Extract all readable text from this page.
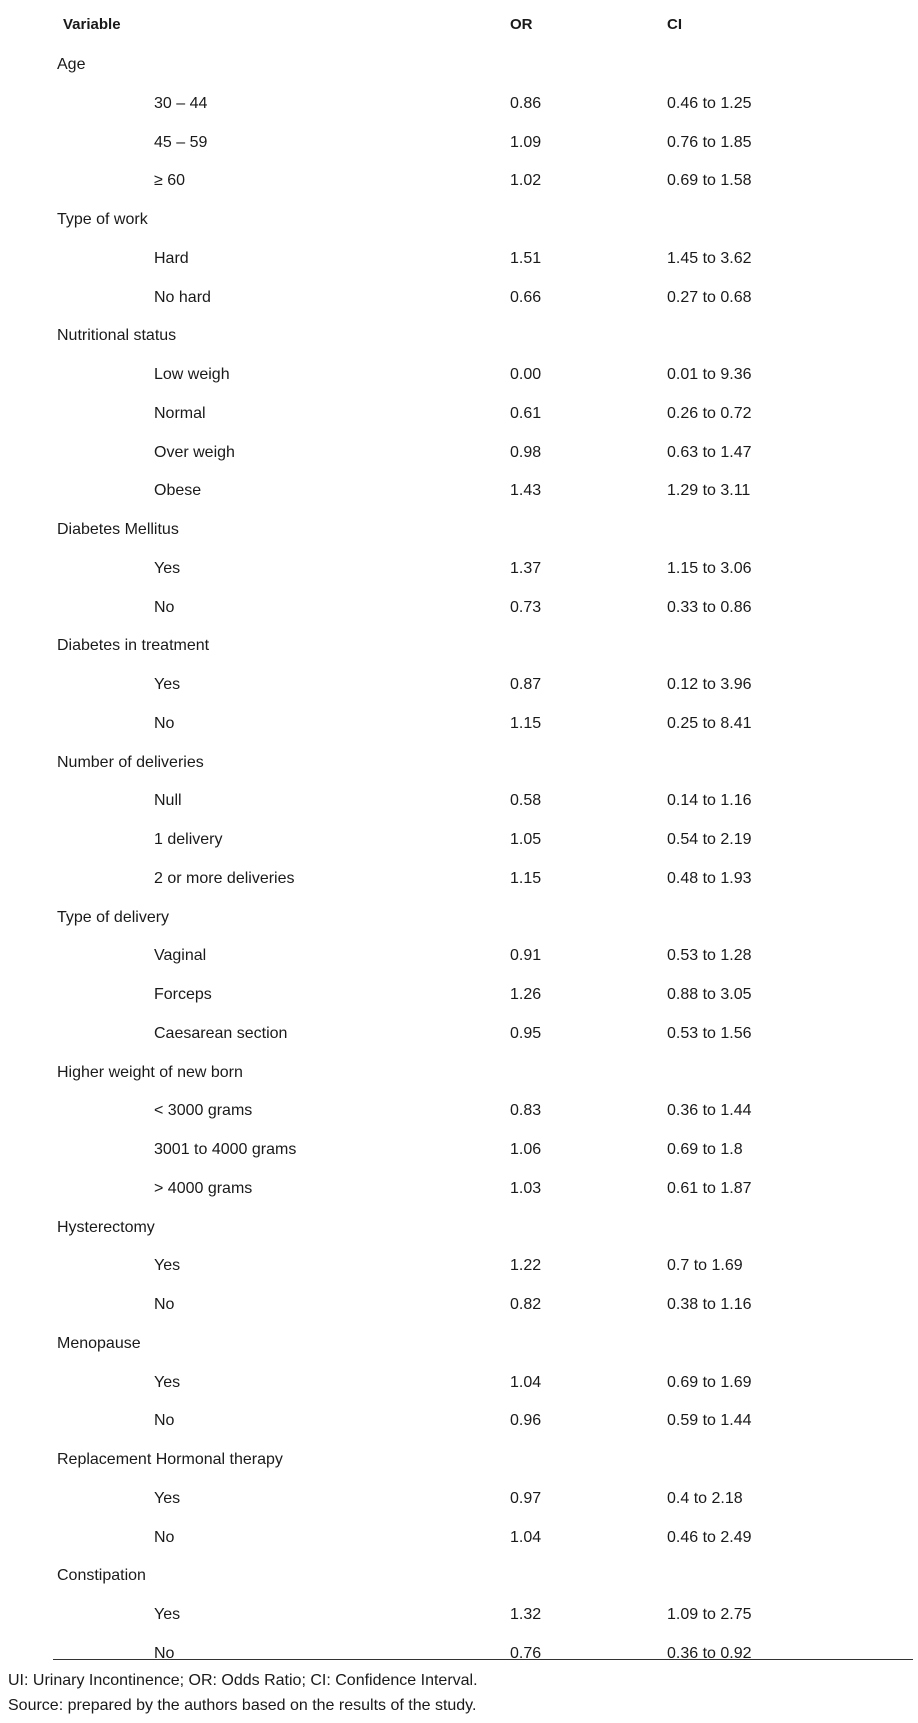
Variable	OR	CI
Age
30 – 44	0.86	0.46 to 1.25
45 – 59	1.09	0.76 to 1.85
≥ 60	1.02	0.69 to 1.58
Type of work
Hard	1.51	1.45 to 3.62
No hard	0.66	0.27 to 0.68
Nutritional status
Low weigh	0.00	0.01 to 9.36
Normal	0.61	0.26 to 0.72
Over weigh	0.98	0.63 to 1.47
Obese	1.43	1.29 to 3.11
Diabetes Mellitus
Yes	1.37	1.15 to 3.06
No	0.73	0.33 to 0.86
Diabetes in treatment
Yes	0.87	0.12 to 3.96
No	1.15	0.25 to 8.41
Number of deliveries
Null	0.58	0.14 to 1.16
1 delivery	1.05	0.54 to 2.19
2 or more deliveries	1.15	0.48 to 1.93
Type of delivery
Vaginal	0.91	0.53 to 1.28
Forceps	1.26	0.88 to 3.05
Caesarean section	0.95	0.53 to 1.56
Higher weight of new born
< 3000 grams	0.83	0.36 to 1.44
3001 to 4000 grams	1.06	0.69 to 1.8
> 4000 grams	1.03	0.61 to 1.87
Hysterectomy
Yes	1.22	0.7 to 1.69
No	0.82	0.38 to 1.16
Menopause
Yes	1.04	0.69 to 1.69
No	0.96	0.59 to 1.44
Replacement Hormonal therapy
Yes	0.97	0.4 to 2.18
No	1.04	0.46 to 2.49
Constipation
Yes	1.32	1.09 to 2.75
No	0.76	0.36 to 0.92
UI: Urinary Incontinence; OR: Odds Ratio; CI: Confidence Interval.
Source: prepared by the authors based on the results of the study.
